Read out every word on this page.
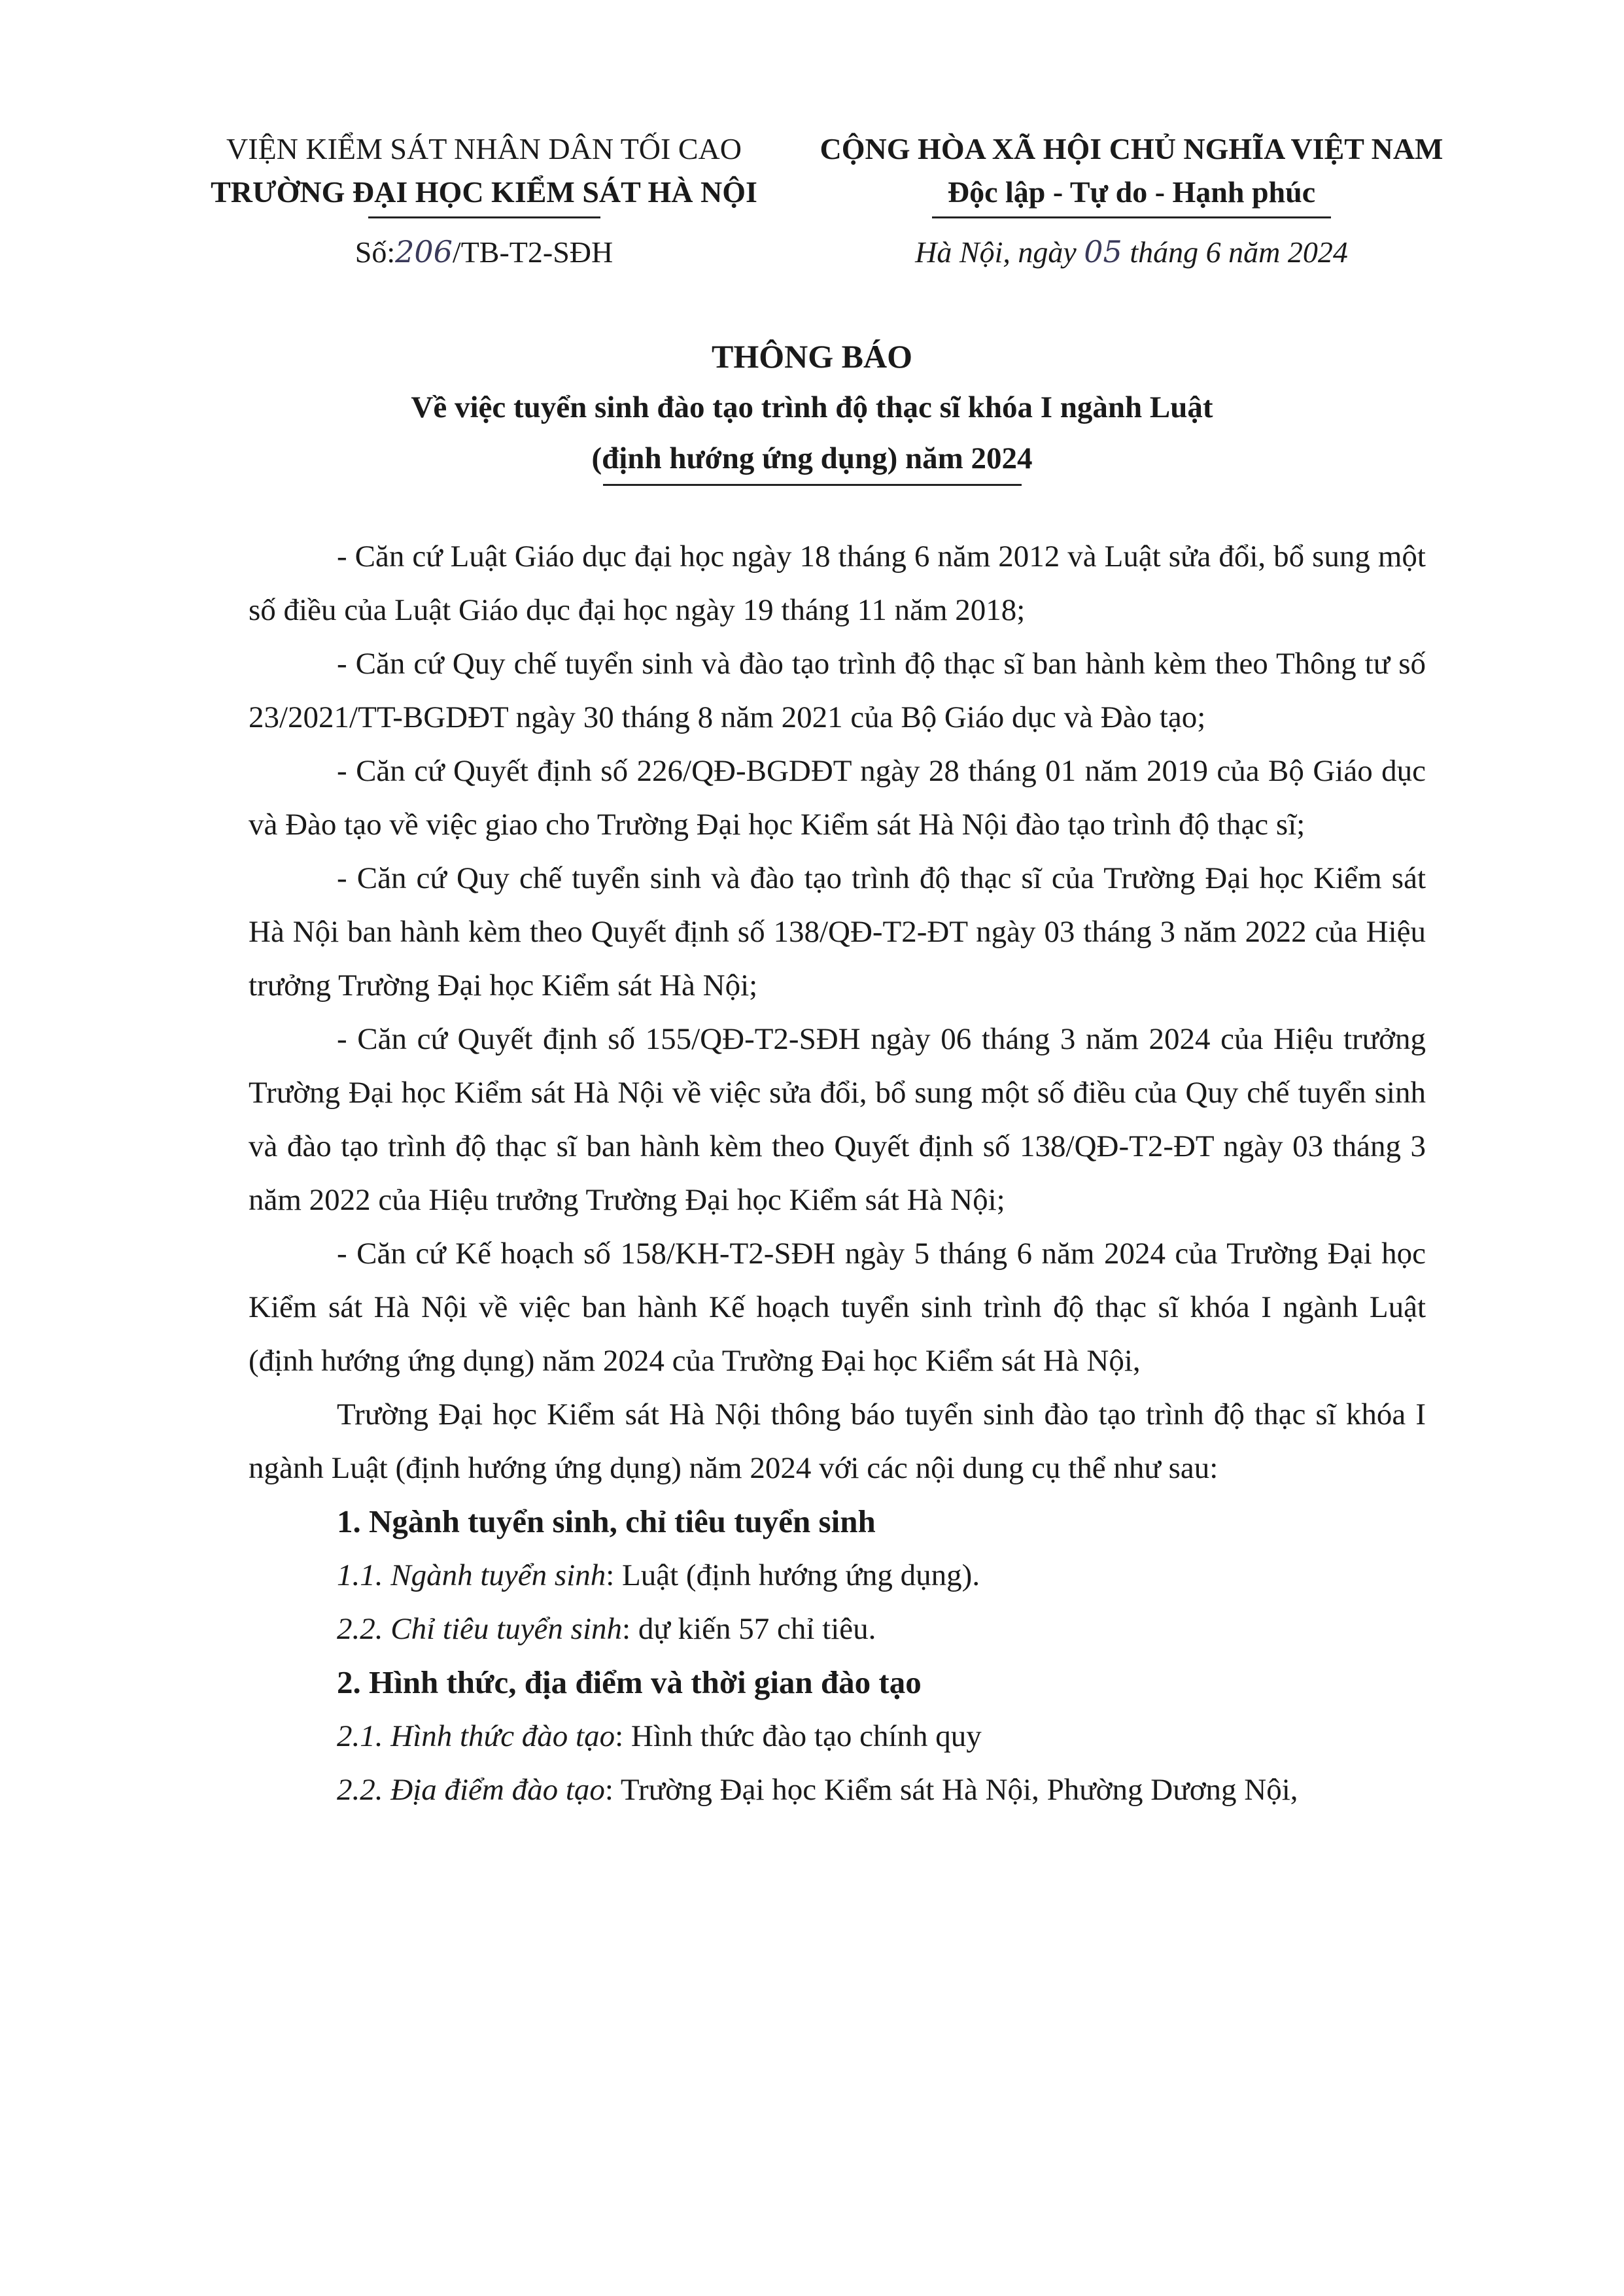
VIỆN KIỂM SÁT NHÂN DÂN TỐI CAO
TRƯỜNG ĐẠI HỌC KIỂM SÁT HÀ NỘI
Số:206/TB-T2-SĐH
CỘNG HÒA XÃ HỘI CHỦ NGHĨA VIỆT NAM
Độc lập - Tự do - Hạnh phúc
Hà Nội, ngày 05 tháng 6 năm 2024
THÔNG BÁO
Về việc tuyển sinh đào tạo trình độ thạc sĩ khóa I ngành Luật
(định hướng ứng dụng) năm 2024

- Căn cứ Luật Giáo dục đại học ngày 18 tháng 6 năm 2012 và Luật sửa đổi, bổ sung một số điều của Luật Giáo dục đại học ngày 19 tháng 11 năm 2018;

- Căn cứ Quy chế tuyển sinh và đào tạo trình độ thạc sĩ ban hành kèm theo Thông tư số 23/2021/TT-BGDĐT ngày 30 tháng 8 năm 2021 của Bộ Giáo dục và Đào tạo;

- Căn cứ Quyết định số 226/QĐ-BGDĐT ngày 28 tháng 01 năm 2019 của Bộ Giáo dục và Đào tạo về việc giao cho Trường Đại học Kiểm sát Hà Nội đào tạo trình độ thạc sĩ;

- Căn cứ Quy chế tuyển sinh và đào tạo trình độ thạc sĩ của Trường Đại học Kiểm sát Hà Nội ban hành kèm theo Quyết định số 138/QĐ-T2-ĐT ngày 03 tháng 3 năm 2022 của Hiệu trưởng Trường Đại học Kiểm sát Hà Nội;

- Căn cứ Quyết định số 155/QĐ-T2-SĐH ngày 06 tháng 3 năm 2024 của Hiệu trưởng Trường Đại học Kiểm sát Hà Nội về việc sửa đổi, bổ sung một số điều của Quy chế tuyển sinh và đào tạo trình độ thạc sĩ ban hành kèm theo Quyết định số 138/QĐ-T2-ĐT ngày 03 tháng 3 năm 2022 của Hiệu trưởng Trường Đại học Kiểm sát Hà Nội;

- Căn cứ Kế hoạch số 158/KH-T2-SĐH ngày 5 tháng 6 năm 2024 của Trường Đại học Kiểm sát Hà Nội về việc ban hành Kế hoạch tuyển sinh trình độ thạc sĩ khóa I ngành Luật (định hướng ứng dụng) năm 2024 của Trường Đại học Kiểm sát Hà Nội,

Trường Đại học Kiểm sát Hà Nội thông báo tuyển sinh đào tạo trình độ thạc sĩ khóa I ngành Luật (định hướng ứng dụng) năm 2024 với các nội dung cụ thể như sau:

1. Ngành tuyển sinh, chỉ tiêu tuyển sinh

1.1. Ngành tuyển sinh: Luật (định hướng ứng dụng).

2.2. Chỉ tiêu tuyển sinh: dự kiến 57 chỉ tiêu.

2. Hình thức, địa điểm và thời gian đào tạo

2.1. Hình thức đào tạo: Hình thức đào tạo chính quy

2.2. Địa điểm đào tạo: Trường Đại học Kiểm sát Hà Nội, Phường Dương Nội,
